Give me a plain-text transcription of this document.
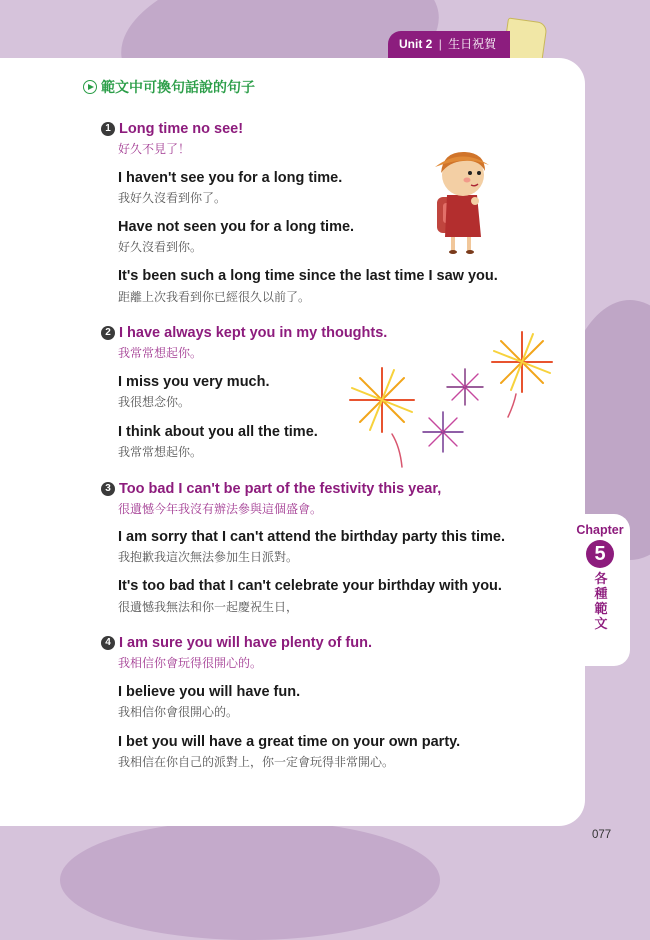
Unit 2 | 生日祝賀
範文中可換句話說的句子
1 Long time no see!
好久不見了！
I haven't see you for a long time.
我好久沒看到你了。
Have not seen you for a long time.
好久沒看到你。
It's been such a long time since the last time I saw you.
距離上次我看到你已經很久以前了。
2 I have always kept you in my thoughts.
我常常想起你。
I miss you very much.
我很想念你。
I think about you all the time.
我常常想起你。
3 Too bad I can't be part of the festivity this year,
很遺憾今年我沒有辦法參與這個盛會。
I am sorry that I can't attend the birthday party this time.
我抱歉我這次無法參加生日派對。
It's too bad that I can't celebrate your birthday with you.
很遺憾我無法和你一起慶祝生日，
4 I am sure you will have plenty of fun.
我相信你會玩得很開心的。
I believe you will have fun.
我相信你會很開心的。
I bet you will have a great time on your own party.
我相信在你自己的派對上，你一定會玩得非常開心。
Chapter
5
各種範文
077
